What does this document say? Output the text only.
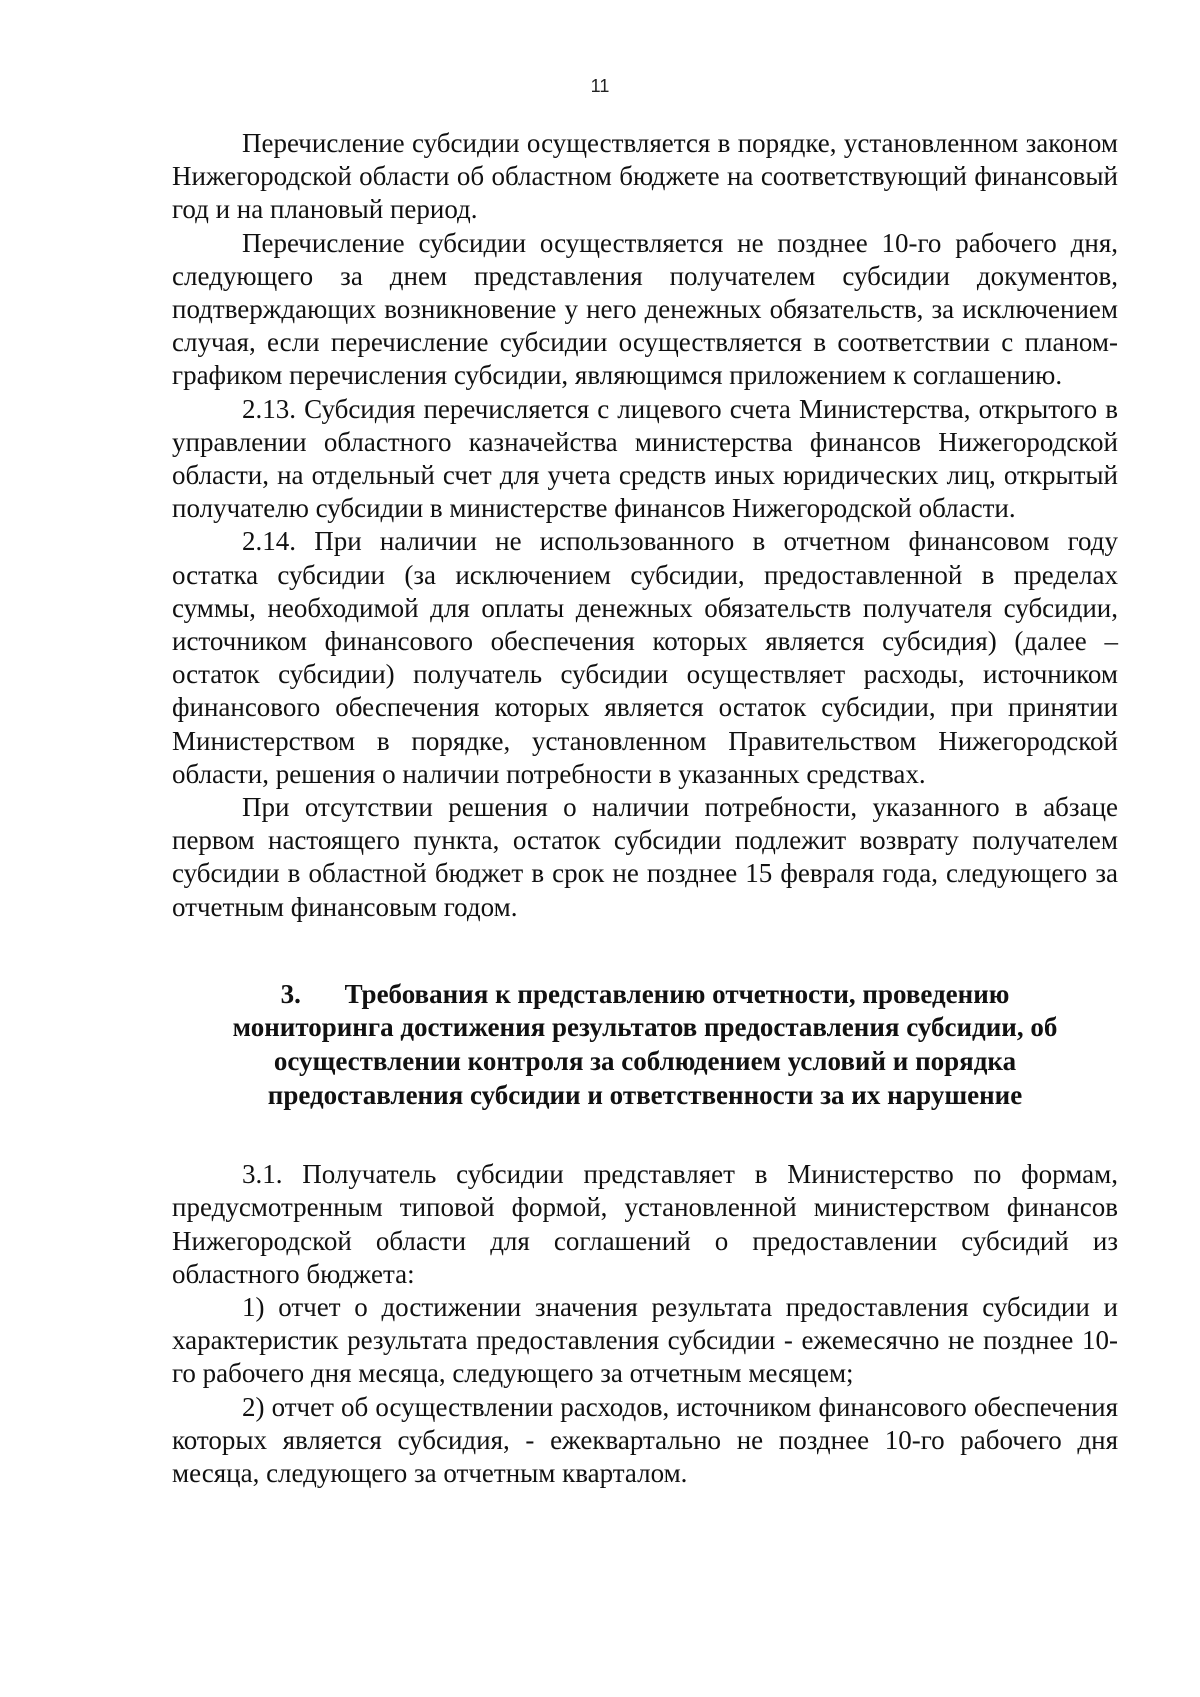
11

Перечисление субсидии осуществляется в порядке, установленном законом Нижегородской области об областном бюджете на соответствующий финансовый год и на плановый период.

Перечисление субсидии осуществляется не позднее 10-го рабочего дня, следующего за днем представления получателем субсидии документов, подтверждающих возникновение у него денежных обязательств, за исключением случая, если перечисление субсидии осуществляется в соответствии с планом-графиком перечисления субсидии, являющимся приложением к соглашению.

2.13. Субсидия перечисляется с лицевого счета Министерства, открытого в управлении областного казначейства министерства финансов Нижегородской области, на отдельный счет для учета средств иных юридических лиц, открытый получателю субсидии в министерстве финансов Нижегородской области.

2.14. При наличии не использованного в отчетном финансовом году остатка субсидии (за исключением субсидии, предоставленной в пределах суммы, необходимой для оплаты денежных обязательств получателя субсидии, источником финансового обеспечения которых является субсидия) (далее – остаток субсидии) получатель субсидии осуществляет расходы, источником финансового обеспечения которых является остаток субсидии, при принятии Министерством в порядке, установленном Правительством Нижегородской области, решения о наличии потребности в указанных средствах.

При отсутствии решения о наличии потребности, указанного в абзаце первом настоящего пункта, остаток субсидии подлежит возврату получателем субсидии в областной бюджет в срок не позднее 15 февраля года, следующего за отчетным финансовым годом.

3. Требования к представлению отчетности, проведению мониторинга достижения результатов предоставления субсидии, об осуществлении контроля за соблюдением условий и порядка предоставления субсидии и ответственности за их нарушение

3.1. Получатель субсидии представляет в Министерство по формам, предусмотренным типовой формой, установленной министерством финансов Нижегородской области для соглашений о предоставлении субсидий из областного бюджета:

1) отчет о достижении значения результата предоставления субсидии и характеристик результата предоставления субсидии - ежемесячно не позднее 10-го рабочего дня месяца, следующего за отчетным месяцем;

2) отчет об осуществлении расходов, источником финансового обеспечения которых является субсидия, - ежеквартально не позднее 10-го рабочего дня месяца, следующего за отчетным кварталом.
